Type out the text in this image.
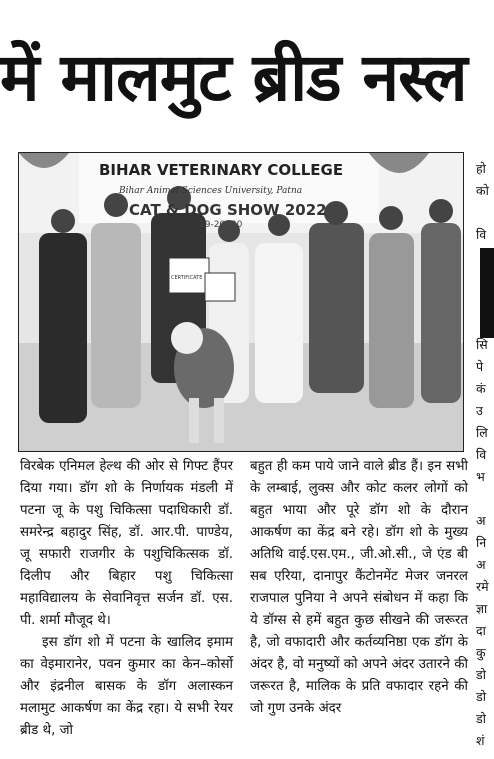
में मालमुट ब्रीड नस्ल
BIHAR VETERINARY COLLEGE
Bihar Animal Sciences University, Patna
CAT & DOG SHOW 2022
19-20, 20
CERTIFICATE

विरबेक एनिमल हेल्थ की ओर से गिफ्ट हैंपर दिया गया। डॉग शो के निर्णायक मंडली में पटना जू के पशु चिकित्सा पदाधिकारी डॉ. समरेन्द्र बहादुर सिंह, डॉ. आर.पी. पाण्डेय, जू सफारी राजगीर के पशुचिकित्सक डॉ. दिलीप और बिहार पशु चिकित्सा महाविद्यालय के सेवानिवृत्त सर्जन डॉ. एस. पी. शर्मा मौजूद थे।

इस डॉग शो में पटना के खालिद इमाम का वेइमारानेर, पवन कुमार का केन–कोर्सो और इंद्रनील बासक के डॉग अलास्कन मलामुट आकर्षण का केंद्र रहा। ये सभी रेयर ब्रीड थे, जो

बहुत ही कम पाये जाने वाले ब्रीड हैं। इन सभी के लम्बाई, लुक्स और कोट कलर लोगों को बहुत भाया और पूरे डॉग शो के दौरान आकर्षण का केंद्र बने रहे। डॉग शो के मुख्य अतिथि वाई.एस.एम., जी.ओ.सी., जे एंड बी सब एरिया, दानापुर कैंटोनमेंट मेजर जनरल राजपाल पुनिया ने अपने संबोधन में कहा कि ये डॉग्स से हमें बहुत कुछ सीखने की जरूरत है, जो वफादारी और कर्तव्यनिष्ठा एक डॉग के अंदर है, वो मनुष्यों को अपने अंदर उतारने की जरूरत है, मालिक के प्रति वफादार रहने की जो गुण उनके अंदर

हो
को
वि
सि
पे
कं
उ
लि
वि
भ
अ
नि
अ
रमे
ज्ञा
दा
कु
डो
डो
डो
शं
